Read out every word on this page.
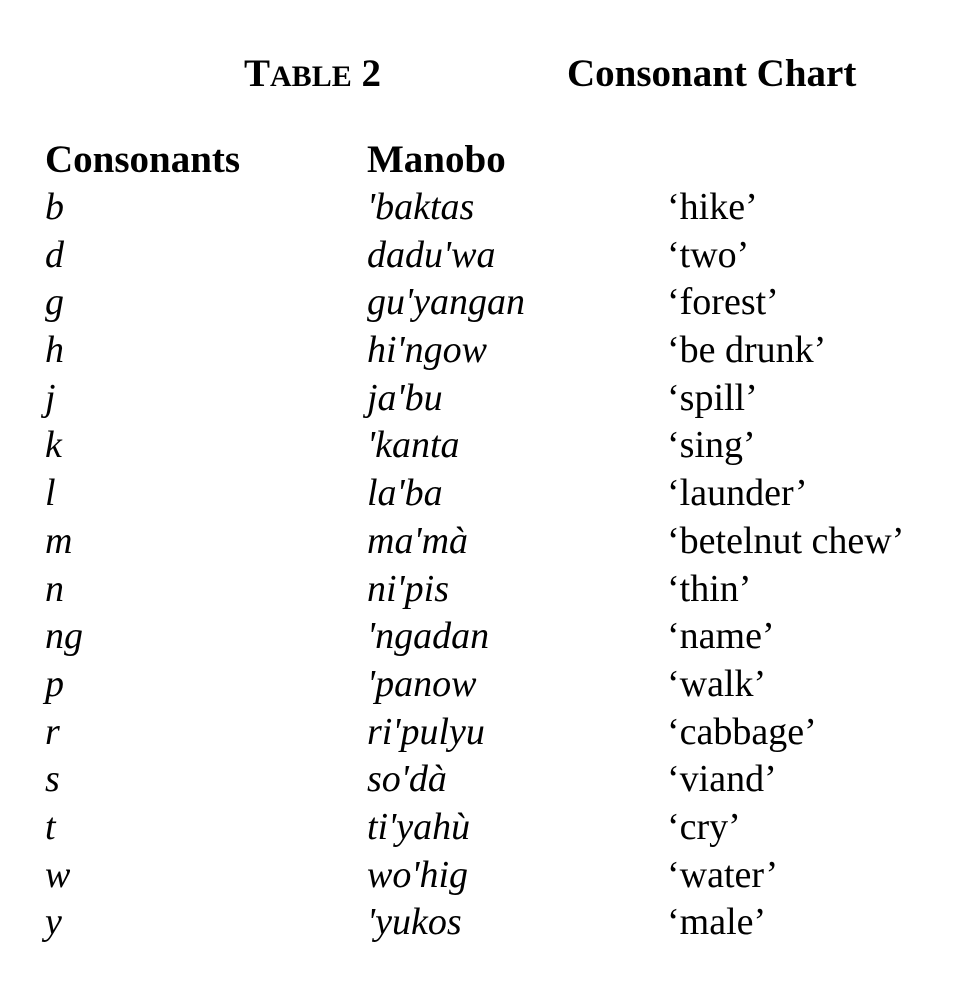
TABLE 2	Consonant Chart
Consonants	Manobo
b	'baktas	‘hike’
d	dadu'wa	‘two’
g	gu'yangan	‘forest’
h	hi'ngow	‘be drunk’
j	ja'bu	‘spill’
k	'kanta	‘sing’
l	la'ba	‘launder’
m	ma'mà	‘betelnut chew’
n	ni'pis	‘thin’
ng	'ngadan	‘name’
p	'panow	‘walk’
r	ri'pulyu	‘cabbage’
s	so'dà	‘viand’
t	ti'yahù	‘cry’
w	wo'hig	‘water’
y	'yukos	‘male’
